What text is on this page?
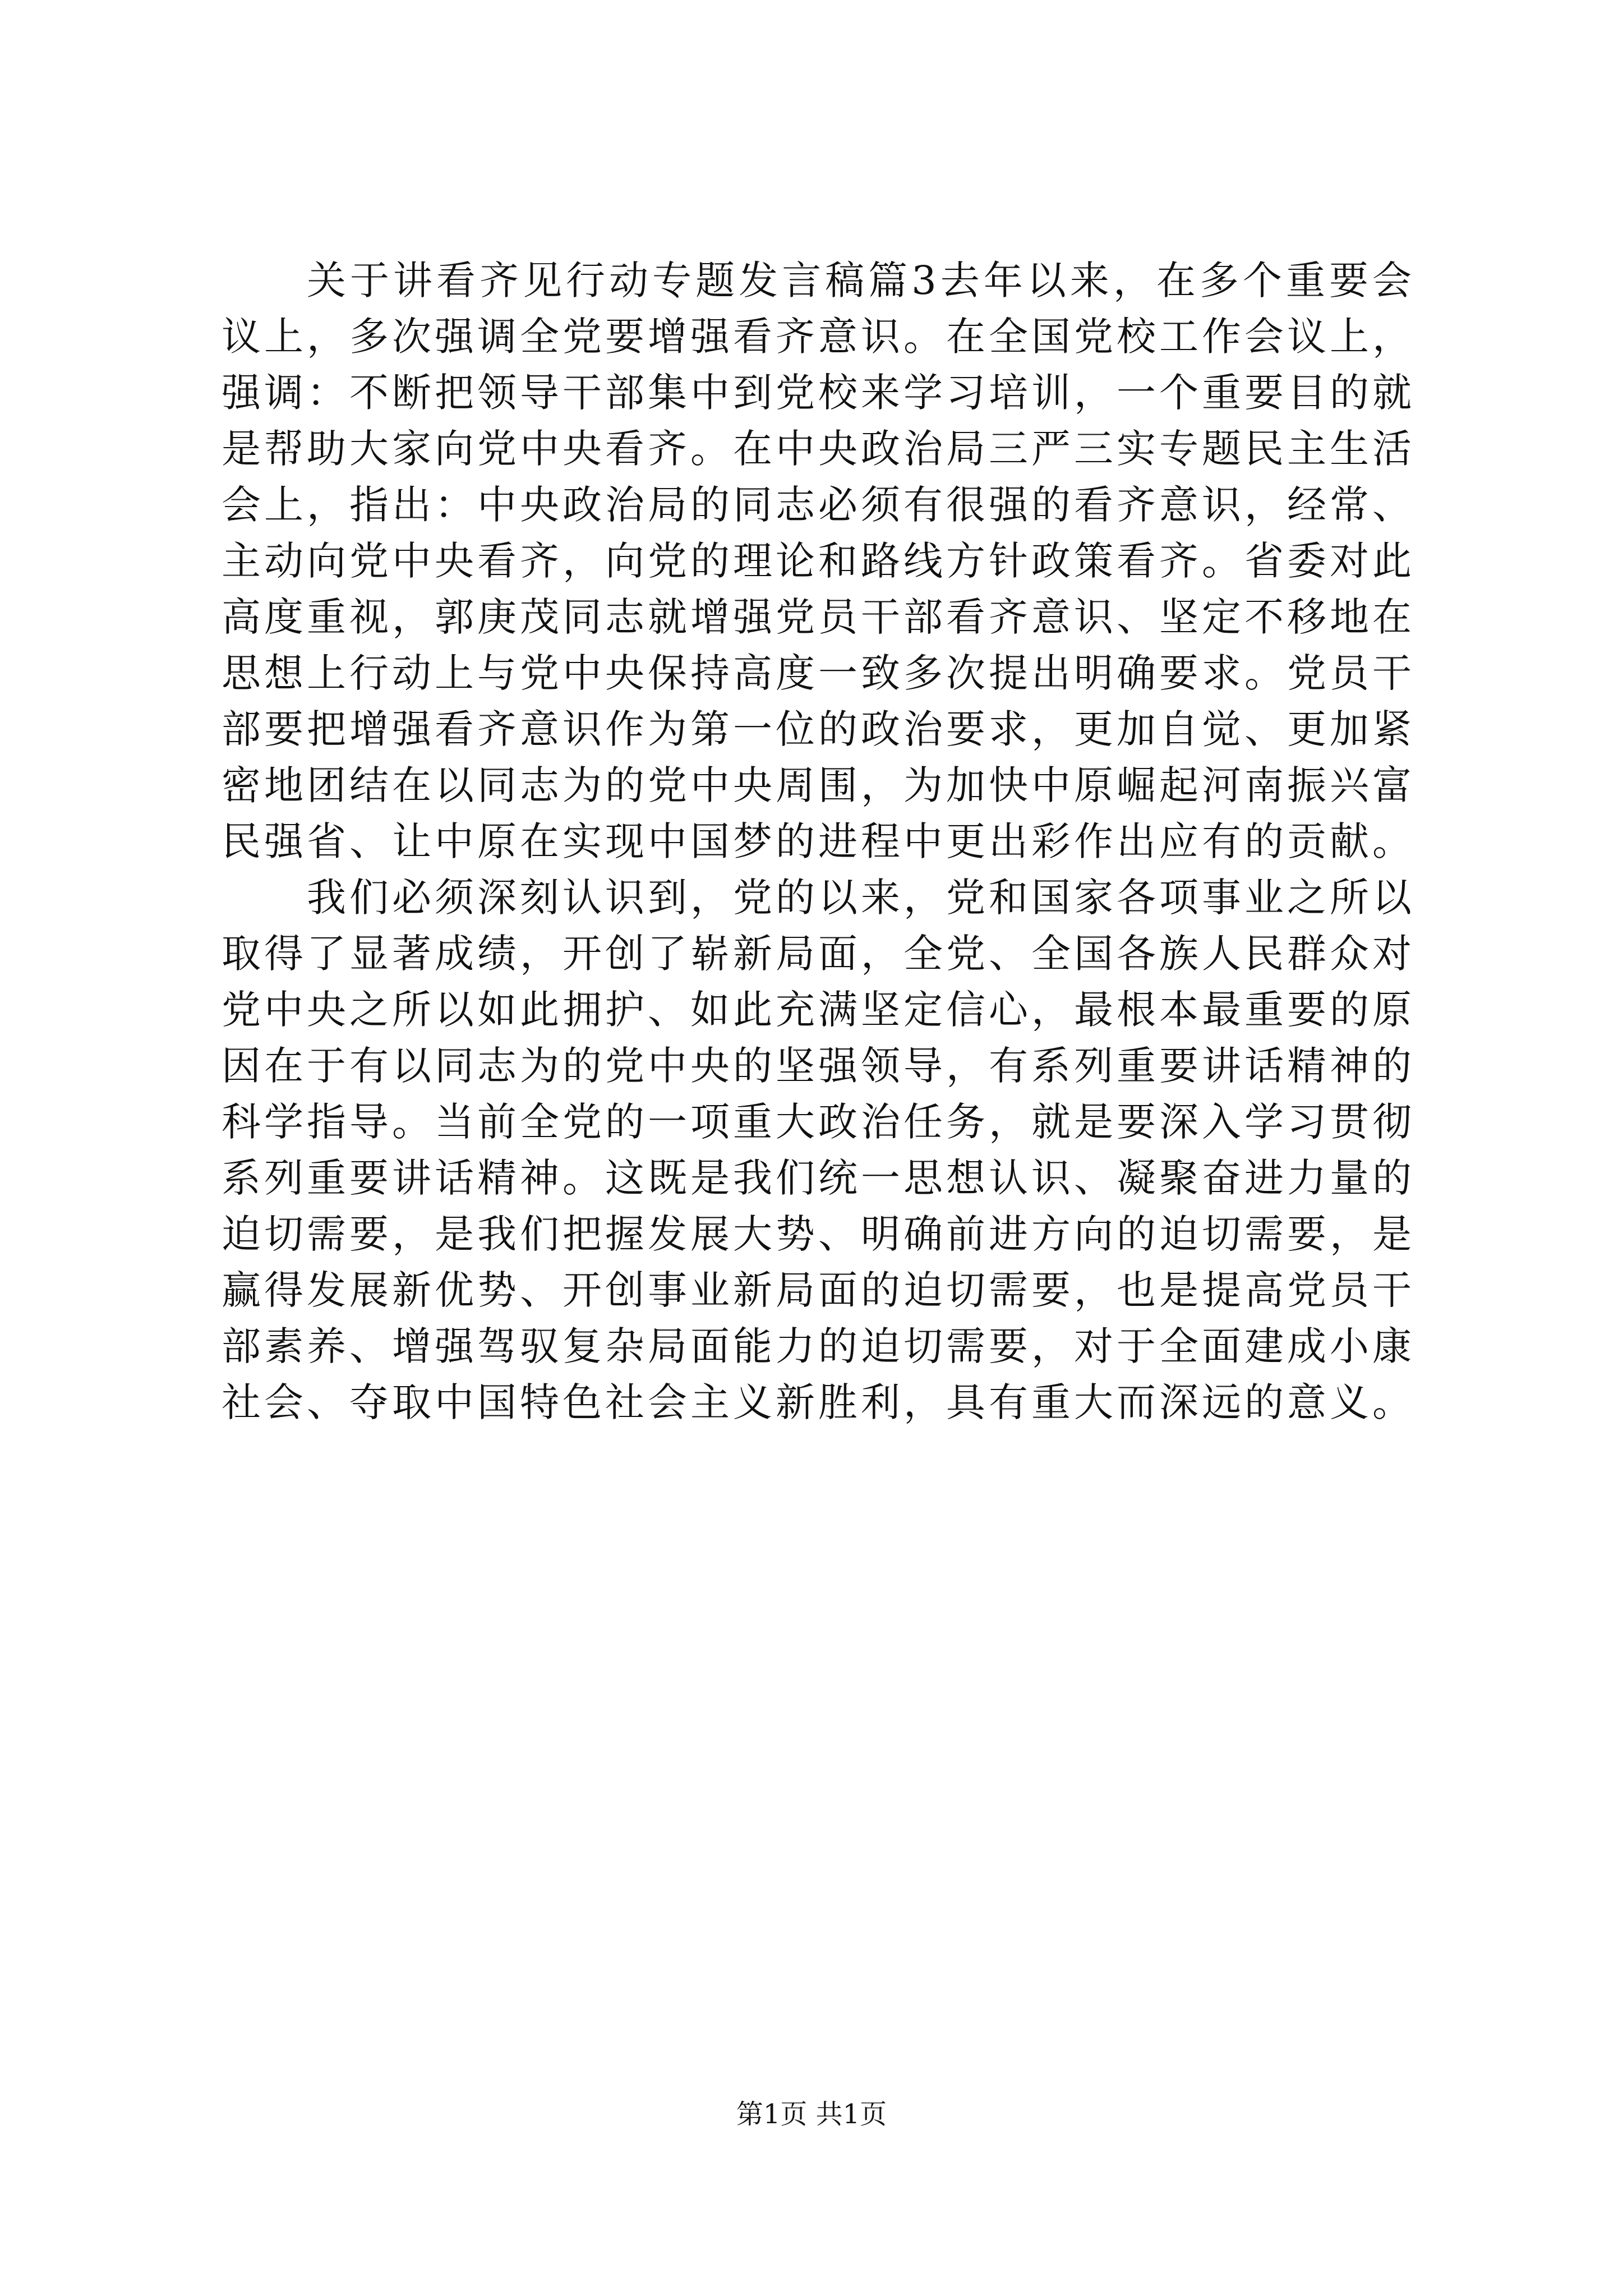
关于讲看齐见行动专题发言稿篇3去年以来，在多个重要会议上，多次强调全党要增强看齐意识。在全国党校工作会议上，强调：不断把领导干部集中到党校来学习培训，一个重要目的就是帮助大家向党中央看齐。在中央政治局三严三实专题民主生活会上，指出：中央政治局的同志必须有很强的看齐意识，经常、主动向党中央看齐，向党的理论和路线方针政策看齐。省委对此高度重视，郭庚茂同志就增强党员干部看齐意识、坚定不移地在思想上行动上与党中央保持高度一致多次提出明确要求。党员干部要把增强看齐意识作为第一位的政治要求，更加自觉、更加紧密地团结在以同志为的党中央周围，为加快中原崛起河南振兴富民强省、让中原在实现中国梦的进程中更出彩作出应有的贡献。

我们必须深刻认识到，党的以来，党和国家各项事业之所以取得了显著成绩，开创了崭新局面，全党、全国各族人民群众对党中央之所以如此拥护、如此充满坚定信心，最根本最重要的原因在于有以同志为的党中央的坚强领导，有系列重要讲话精神的科学指导。当前全党的一项重大政治任务，就是要深入学习贯彻系列重要讲话精神。这既是我们统一思想认识、凝聚奋进力量的迫切需要，是我们把握发展大势、明确前进方向的迫切需要，是赢得发展新优势、开创事业新局面的迫切需要，也是提高党员干部素养、增强驾驭复杂局面能力的迫切需要，对于全面建成小康社会、夺取中国特色社会主义新胜利，具有重大而深远的意义。

第1页 共1页
